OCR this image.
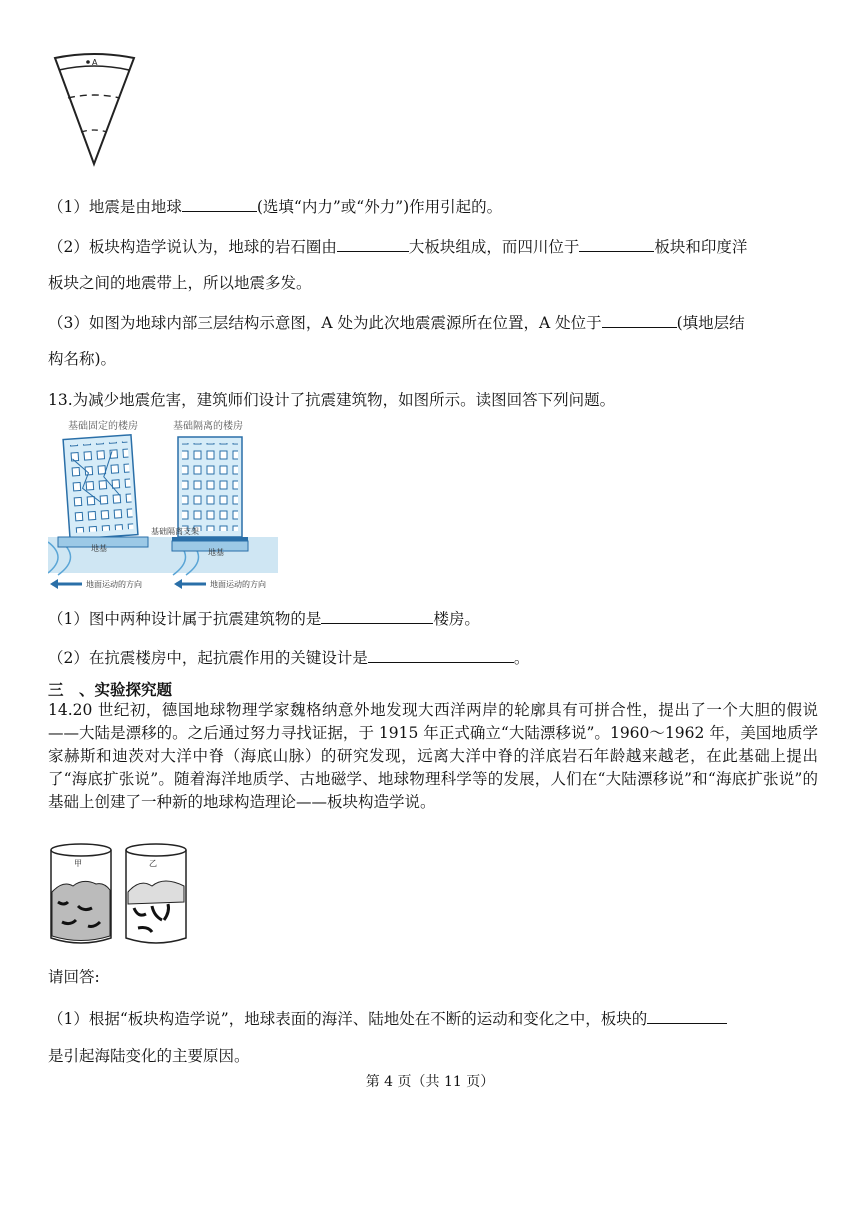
A
（1）地震是由地球	(选填“内力”或“外力”)作用引起的。
（2）板块构造学说认为，地球的岩石圈由	大板块组成，而四川位于	板块和印度洋
板块之间的地震带上，所以地震多发。
（3）如图为地球内部三层结构示意图，A 处为此次地震震源所在位置，A 处位于	(填地层结
构名称)。
13.为减少地震危害，建筑师们设计了抗震建筑物，如图所示。读图回答下列问题。
基础固定的楼房	基础隔离的楼房
基础隔离支架
地基	地基
地面运动的方向	地面运动的方向
（1）图中两种设计属于抗震建筑物的是	楼房。
（2）在抗震楼房中，起抗震作用的关键设计是	。
三　、实验探究题
14.20 世纪初，德国地球物理学家魏格纳意外地发现大西洋两岸的轮廓具有可拼合性，提出了一个大胆的假说——大陆是漂移的。之后通过努力寻找证据，于 1915 年正式确立“大陆漂移说”。1960～1962 年，美国地质学家赫斯和迪茨对大洋中脊（海底山脉）的研究发现，远离大洋中脊的洋底岩石年龄越来越老，在此基础上提出了“海底扩张说”。随着海洋地质学、古地磁学、地球物理科学等的发展，人们在“大陆漂移说”和“海底扩张说”的基础上创建了一种新的地球构造理论——板块构造学说。
甲	乙
请回答:
（1）根据“板块构造学说”，地球表面的海洋、陆地处在不断的运动和变化之中，板块的
是引起海陆变化的主要原因。
第 4 页（共 11 页）
